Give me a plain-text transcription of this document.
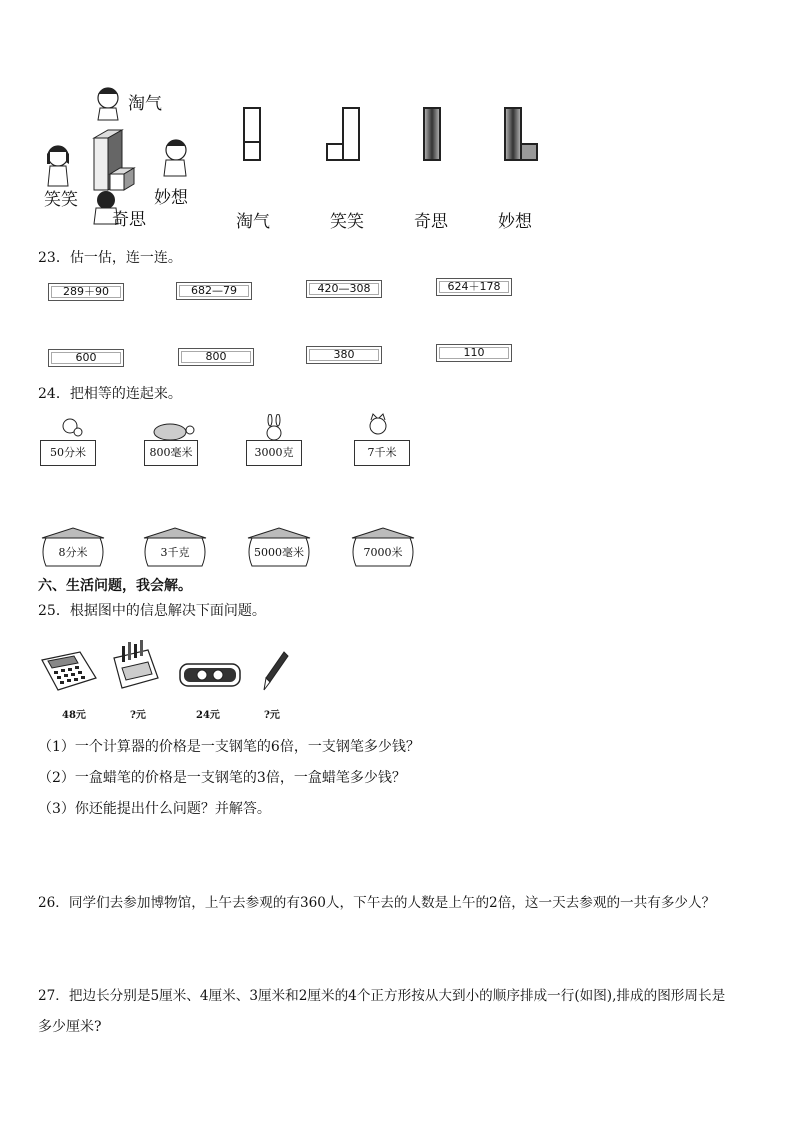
淘气
笑笑	妙想
奇思	淘气	笑笑	奇思	妙想
23．估一估，连一连。
289＋90	682—79	420—308	624＋178
600	800	380	110
24．把相等的连起来。
50分米	800毫米	3000克	7千米
8分米	3千克	5000毫米	7000米
六、生活问题，我会解。
25．根据图中的信息解决下面问题。
48元	?元	24元	?元
（1）一个计算器的价格是一支钢笔的6倍，一支钢笔多少钱？
（2）一盒蜡笔的价格是一支钢笔的3倍，一盒蜡笔多少钱？
（3）你还能提出什么问题？并解答。
26．同学们去参加博物馆，上午去参观的有360人，下午去的人数是上午的2倍，这一天去参观的一共有多少人？
27．把边长分别是5厘米、4厘米、3厘米和2厘米的4个正方形按从大到小的顺序排成一行(如图),排成的图形周长是
多少厘米?
